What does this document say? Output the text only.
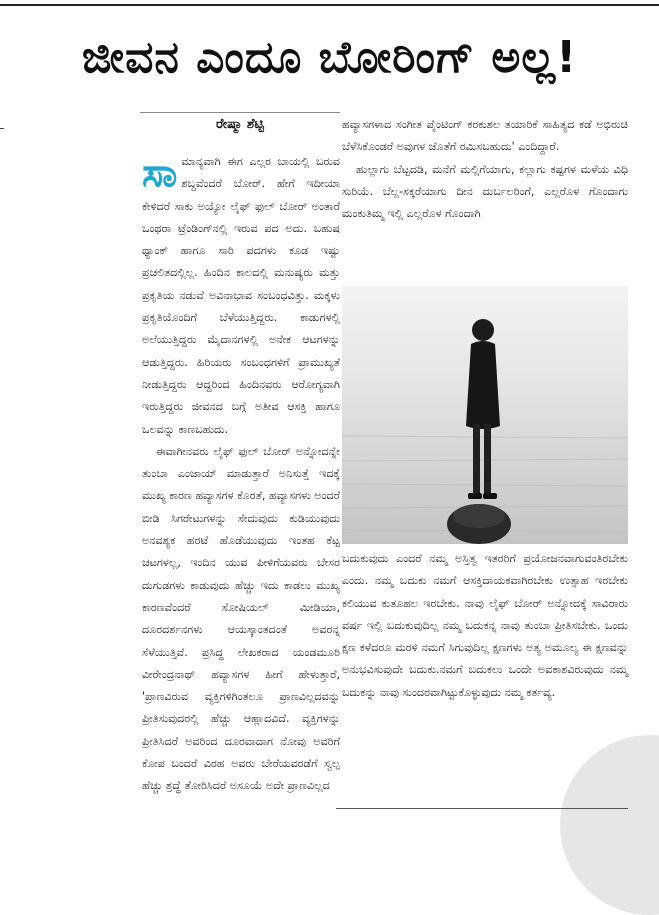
ಜೀವನ ಎಂದೂ ಬೋರಿಂಗ್ ಅಲ್ಲ!
ರೇಷ್ಮಾ ಶೆಟ್ಟಿ

ಸಾಮಾನ್ಯವಾಗಿ ಈಗ ಎಲ್ಲರ ಬಾಯಲ್ಲಿ ಬರುವ ಶಬ್ದವೆಂದರೆ ಬೋರ್. ಹೇಗೆ ಇದೀಯಾ ಕೇಳಿದರೆ ಸಾಕು ಅಯ್ಯೋ ಲೈಫ್ ಫುಲ್ ಬೋರ್ ಅಂತಾರೆ ಒಂಥರಾ ಟ್ರೆಂಡಿಂಗ್‌ನಲ್ಲಿ ಇರುವ ಪದ ಅದು. ಬಹುಷ ಥ್ಯಾಂಕ್ ಹಾಗೂ ಸಾರಿ ಪದಗಳು ಕೂಡ ಇಷ್ಟು ಪ್ರಚಲಿತದಲ್ಲಿಲ್ಲ. ಹಿಂದಿನ ಕಾಲದಲ್ಲಿ ಮನುಷ್ಯರು ಮತ್ತು ಪ್ರಕೃತಿಯ ನಡುವೆ ಅವಿನಾಭಾವ ಸಂಬಂಧವಿತ್ತು. ಮಕ್ಕಳು ಪ್ರಕೃತಿಯೊಂದಿಗೆ ಬೆಳೆಯುತ್ತಿದ್ದರು. ಕಾಡುಗಳಲ್ಲಿ ಅಲೆಯುತ್ತಿದ್ದರು ಮೈದಾನಗಳಲ್ಲಿ ಅನೇಕ ಆಟಗಳನ್ನು ಆಡುತ್ತಿದ್ದರು. ಹಿರಿಯರು ಸಂಬಂಧಗಳಿಗೆ ಪ್ರಾಮುಖ್ಯತೆ ನೀಡುತ್ತಿದ್ದರು ಆದ್ದರಿಂದ ಹಿಂದಿನವರು ಆರೋಗ್ಯವಾಗಿ ಇರುತ್ತಿದ್ದರು ಜೀವನದ ಬಗ್ಗೆ ಅತೀವ ಆಸಕ್ತಿ ಹಾಗೂ ಒಲವನ್ನು ಕಾಣಬಹುದು.

ಈವಾಗೀನವರು ಲೈಫ್ ಫುಲ್ ಬೋರ್ ಅನ್ನೋದನ್ನೇ ತುಂಬಾ ಎಂಜಾಯ್ ಮಾಡುತ್ತಾರೆ ಅನಿಸುತ್ತೆ ಇದಕ್ಕೆ ಮುಖ್ಯ ಕಾರಣ ಹವ್ಯಾಸಗಳ ಕೊರತೆ, ಹವ್ಯಾಸಗಳು ಅಂದರೆ ಬೀಡಿ ಸಿಗರೇಟುಗಳನ್ನು ಸೇದುವುದು ಕುಡಿಯುವುದು ಅನವಶ್ಯಕ ಹರಟೆ ಹೊಡೆಯುವುದು ಇಂತಹ ಕೆಟ್ಟ ಚಟಗಳಲ್ಲ, ಇಂದಿನ ಯುವ ಪೀಳಿಗೆಯವರು ಬೇಸರ ದುಗುಡಗಳು ಕಾಡುವುದು ಹೆಚ್ಚು ಇದು ಕಾಡಲು ಮುಖ್ಯ ಕಾರಣವೆಂದರೆ ಸೋಷಿಯಲ್ ಮೀಡಿಯಾ, ದೂರದರ್ಶನಗಳು ಆಯಸ್ಕಾಂತದಂತೆ ಅವರನ್ನ ಸೆಳೆಯುತ್ತಿವೆ. ಪ್ರಸಿದ್ಧ ಲೇಖಕರಾದ ಯಂಡಮೂರಿ ವೀರೇಂದ್ರನಾಥ್ ಹವ್ಯಾಸಗಳ ಹೀಗೆ ಹೇಳುತ್ತಾರೆ, 'ಪ್ರಾಣವಿರುವ ವ್ಯಕ್ತಿಗಳಿಗಿಂತಲೂ ಪ್ರಾಣವಿಲ್ಲದವನ್ನು ಪ್ರೀತಿಸುವುದರಲ್ಲಿ ಹೆಚ್ಚು ಆಹ್ಲಾದವಿದೆ. ವ್ಯಕ್ತಿಗಳನ್ನು ಪ್ರೀತಿಸಿದರೆ ಅವರಿಂದ ದೂರವಾದಾಗ ನೋವು ಅವರಿಗೆ ಕೋಪ ಬಂದರೆ ವಿರಹ ಅವರು ಬೇರೆಯವರಡೆಗೆ ಸ್ವಲ್ಪ ಹೆಚ್ಚು ಶ್ರದ್ಧೆ ತೋರಿಸಿದರೆ ಅಸೂಯೆ ಅದೇ ಪ್ರಾಣವಿಲ್ಲದ

ಹವ್ಯಾಸಗಳಾದ ಸಂಗೀತ ಪೈಂಟಿಂಗ್ ಕರಕುಶಲ ತಯಾರಿಕೆ ಸಾಹಿತ್ಯದ ಕಡೆ ಅಭಿರುಚಿ ಬೆಳೆಸಿಕೊಂಡರೆ ಅವುಗಳ ಜೊತೆಗೆ ರಮಿಸಬಹುದು' ಎಂದಿದ್ದಾರೆ.

ಹುಲ್ಲಾಗು ಬೆಟ್ಟದಡಿ, ಮನೆಗೆ ಮಲ್ಲಿಗೆಯಾಗು, ಕಲ್ಲಾಗು ಕಷ್ಟಗಳ ಮಳೆಯ ವಿಧಿ ಸುರಿಯೆ. ಬೆಲ್ಲ-ಸಕ್ಕರೆಯಾಗು ದೀನ ದುರ್ಬಲರಿಂಗೆ, ಎಲ್ಲರೊಳ ಗೊಂದಾಗು ಮಂಕುತಿಮ್ಮ ಇಲ್ಲಿ ಎಲ್ಲರೊಳ ಗೊಂದಾಗಿ

ಬದುಕುವುದು ಎಂದರೆ ನಮ್ಮ ಅಸ್ತಿತ್ವ ಇತರರಿಗೆ ಪ್ರಯೋಜನವಾಗುವಂತಿರಬೇಕು ಎಂದು. ನಮ್ಮ ಬದುಕು ನಮಗೆ ಆಸಕ್ತಿದಾಯಕವಾಗಿರಬೇಕು ಉತ್ಸಾಹ ಇರಬೇಕು ಕಲಿಯುವ ಕುತೂಹಲ ಇರಬೇಕು. ನಾವು ಲೈಫ್ ಬೋರ್ ಅನ್ನೋದಕ್ಕೆ ಸಾವಿರಾರು ವರ್ಷ ಇಲ್ಲಿ ಬದುಕುವುದಿಲ್ಲ ನಮ್ಮ ಬದುಕನ್ನ ನಾವು ತುಂಬಾ ಪ್ರೀತಿಸಬೇಕು. ಒಂದು ಕ್ಷಣ ಕಳೆದರೂ ಮರಳಿ ನಮಗೆ ಸಿಗುವುದಿಲ್ಲ ಕ್ಷಣಗಳು ಅತ್ಯ ಅಮೂಲ್ಯ ಈ ಕ್ಷಣವನ್ನು ಅನುಭವಿಸುವುದೇ ಬದುಕು.ನಮಗೆ ಬದುಕಲು ಒಂದೇ ಅವಕಾಶವಿರುವುದು ನಮ್ಮ ಬದುಕನ್ನು ನಾವು ಸುಂದರವಾಗಿಟ್ಟುಕೊಳ್ಳುವುದು ನಮ್ಮ ಕರ್ತವ್ಯ.
